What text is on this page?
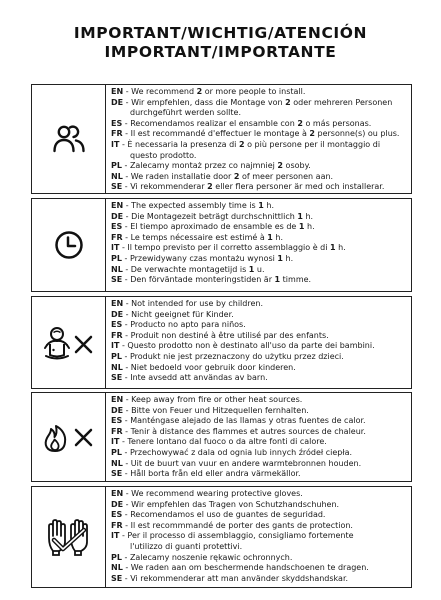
IMPORTANT/WICHTIG/ATENCIÓN
IMPORTANT/IMPORTANTE
EN - We recommend 2 or more people to install.
DE - Wir empfehlen, dass die Montage von 2 oder mehreren Personen
durchgeführt werden sollte.
ES - Recomendamos realizar el ensamble con 2 o más personas.
FR - Il est recommandé d'effectuer le montage à 2 personne(s) ou plus.
IT - È necessaria la presenza di 2 o più persone per il montaggio di
questo prodotto.
PL - Zalecamy montaż przez co najmniej 2 osoby.
NL - We raden installatie door 2 of meer personen aan.
SE - Vi rekommenderar 2 eller flera personer är med och installerar.
EN - The expected assembly time is 1 h.
DE - Die Montagezeit beträgt durchschnittlich 1 h.
ES - El tiempo aproximado de ensamble es de 1 h.
FR - Le temps nécessaire est estimé à 1 h.
IT - Il tempo previsto per il corretto assemblaggio è di 1 h.
PL - Przewidywany czas montażu wynosi 1 h.
NL - De verwachte montagetijd is 1 u.
SE - Den förväntade monteringstiden är 1 timme.
EN - Not intended for use by children.
DE - Nicht geeignet für Kinder.
ES - Producto no apto para niños.
FR - Produit non destiné à être utilisé par des enfants.
IT - Questo prodotto non è destinato all'uso da parte dei bambini.
PL - Produkt nie jest przeznaczony do użytku przez dzieci.
NL - Niet bedoeld voor gebruik door kinderen.
SE - Inte avsedd att användas av barn.
EN - Keep away from fire or other heat sources.
DE - Bitte von Feuer und Hitzequellen fernhalten.
ES - Manténgase alejado de las llamas y otras fuentes de calor.
FR - Tenir à distance des flammes et autres sources de chaleur.
IT - Tenere lontano dal fuoco o da altre fonti di calore.
PL - Przechowywać z dala od ognia lub innych źródeł ciepła.
NL - Uit de buurt van vuur en andere warmtebronnen houden.
SE - Håll borta från eld eller andra värmekällor.
EN - We recommend wearing protective gloves.
DE - Wir empfehlen das Tragen von Schutzhandschuhen.
ES - Recomendamos el uso de guantes de seguridad.
FR - Il est recommmandé de porter des gants de protection.
IT - Per il processo di assemblaggio, consigliamo fortemente
l'utilizzo di guanti protettivi.
PL - Zalecamy noszenie rękawic ochronnych.
NL - We raden aan om beschermende handschoenen te dragen.
SE - Vi rekommenderar att man använder skyddshandskar.
